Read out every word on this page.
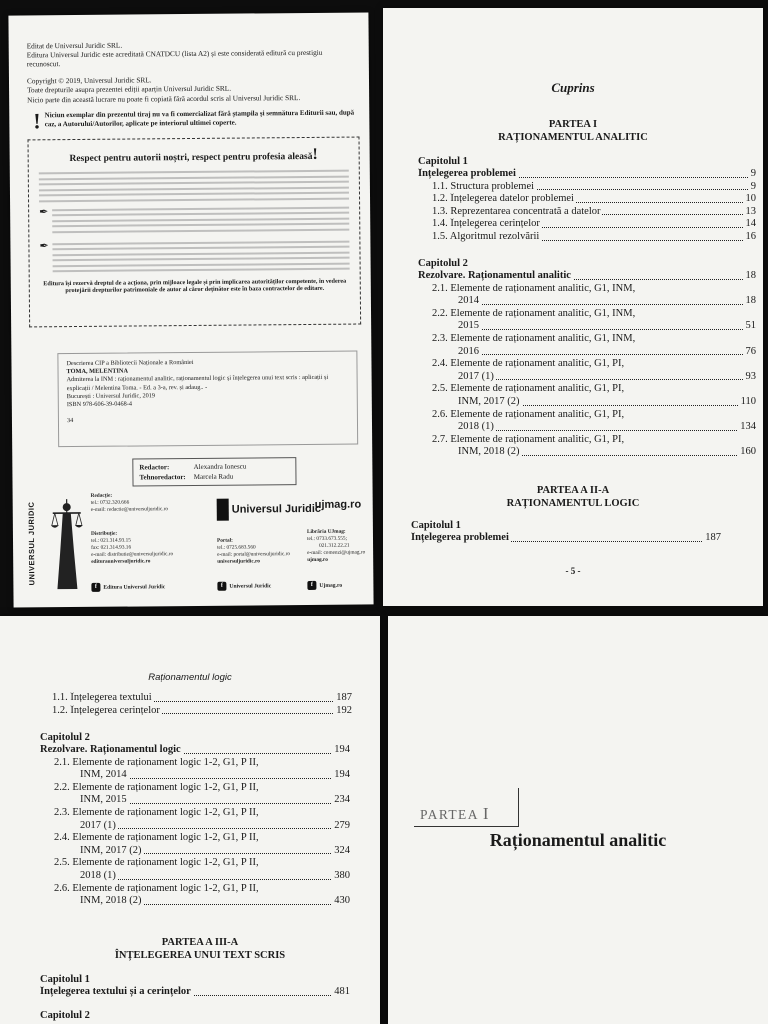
Editat de Universul Juridic SRL.

Editura Universul Juridic este acreditată CNATDCU (lista A2) și este considerată editură cu prestigiu recunoscut.

Copyright © 2019, Universul Juridic SRL.

Toate drepturile asupra prezentei ediții aparțin Universul Juridic SRL.

Nicio parte din această lucrare nu poate fi copiată fără acordul scris al Universul Juridic SRL.

! Niciun exemplar din prezentul tiraj nu va fi comercializat fără ștampila și semnătura Editurii sau, după caz, a Autorului/Autorilor, aplicate pe interiorul ultimei coperte.
Respect pentru autorii noștri, respect pentru profesia aleasă!
✒
✒
Editura își rezervă dreptul de a acționa, prin mijloace legale și prin implicarea autorităților competente, în vederea protejării drepturilor patrimoniale de autor al căror deținător este în baza contractelor de editare.

Descrierea CIP a Bibliotecii Naționale a României

TOMA, MELENTINA

Admiterea la INM : raționamentul analitic, raționamentul logic și înțelegerea unui text scris : aplicații și explicații / Melentina Toma. - Ed. a 3-a, rev. și adaug.. -

București : Universul Juridic, 2019

ISBN 978-606-39-0468-4

34

Redactor:	Alexandra Ionescu
Tehnoredactor: Marcela Radu
UNIVERSUL JURIDIC
Redacție:
tel.: 0732.320.666
e-mail: redactie@universuljuridic.ro
Distribuție:
tel.: 021.314.93.15
fax: 021.314.93.16
e-mail: distributie@universuljuridic.ro
editurauniversuljuridic.ro
Universul Juridic
ujmag.ro
Portal:
tel.: 0725.683.560
e-mail: portal@universuljuridic.ro
universuljuridic.ro
Librăria UJmag:
tel.: 0733.673.555;
021.312.22.21
e-mail: comenzi@ujmag.ro
ujmag.ro
f	Editura Universul Juridic	f	Universul Juridic	f	Ujmag.ro
Cuprins
PARTEA I
RAȚIONAMENTUL ANALITIC
Capitolul 1
Înțelegerea problemei	9
1.1. Structura problemei	9
1.2. Înțelegerea datelor problemei	10
1.3. Reprezentarea concentrată a datelor	13
1.4. Înțelegerea cerințelor	14
1.5. Algoritmul rezolvării	16
Capitolul 2
Rezolvare. Raționamentul analitic	18
2.1. Elemente de raționament analitic, G1, INM,
2014	18
2.2. Elemente de raționament analitic, G1, INM,
2015	51
2.3. Elemente de raționament analitic, G1, INM,
2016	76
2.4. Elemente de raționament analitic, G1, PI,
2017 (1)	93
2.5. Elemente de raționament analitic, G1, PI,
INM, 2017 (2)	110
2.6. Elemente de raționament analitic, G1, PI,
2018 (1)	134
2.7. Elemente de raționament analitic, G1, PI,
INM, 2018 (2)	160
PARTEA A II-A
RAȚIONAMENTUL LOGIC
Capitolul 1
Înțelegerea problemei	187
- 5 -
Raționamentul logic
1.1. Înțelegerea textului	187
1.2. Înțelegerea cerințelor	192
Capitolul 2
Rezolvare. Raționamentul logic	194
2.1. Elemente de raționament logic 1-2, G1, P II,
INM, 2014	194
2.2. Elemente de raționament logic 1-2, G1, P II,
INM, 2015	234
2.3. Elemente de raționament logic 1-2, G1, P II,
2017 (1)	279
2.4. Elemente de raționament logic 1-2, G1, P II,
INM, 2017 (2)	324
2.5. Elemente de raționament logic 1-2, G1, P II,
2018 (1)	380
2.6. Elemente de raționament logic 1-2, G1, P II,
INM, 2018 (2)	430
PARTEA A III-A
ÎNȚELEGEREA UNUI TEXT SCRIS
Capitolul 1
Înțelegerea textului și a cerințelor	481
Capitolul 2
PARTEA I
Raționamentul analitic
